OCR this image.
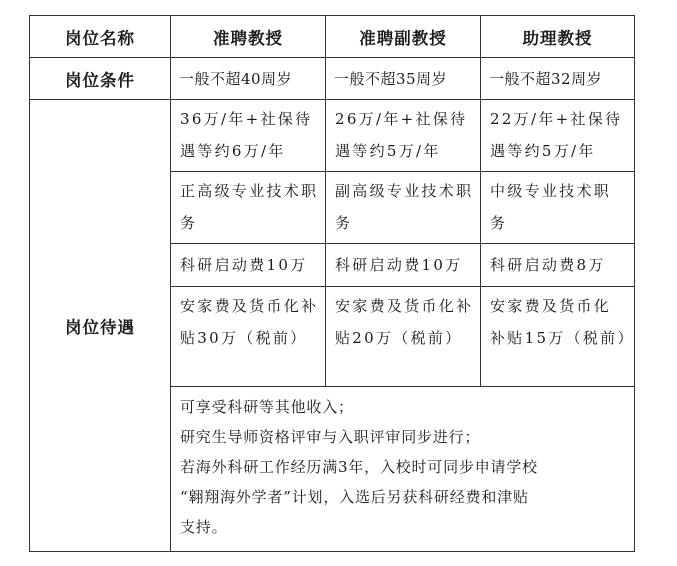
岗位名称	准聘教授	准聘副教授	助理教授
岗位条件	一般不超40周岁	一般不超35周岁	一般不超32周岁
岗位待遇	36万/年+社保待遇等约6万/年	26万/年+社保待遇等约5万/年	22万/年+社保待遇等约5万/年
	正高级专业技术职务	副高级专业技术职务	中级专业技术职务
	科研启动费10万	科研启动费10万	科研启动费8万
	安家费及货币化补贴30万（税前）	安家费及货币化补贴20万（税前）	安家费及货币化补贴15万（税前）

	可享受科研等其他收入；
研究生导师资格评审与入职评审同步进行；
若海外科研工作经历满3年，入校时可同步申请学校
“翱翔海外学者”计划，入选后另获科研经费和津贴
支持。		
